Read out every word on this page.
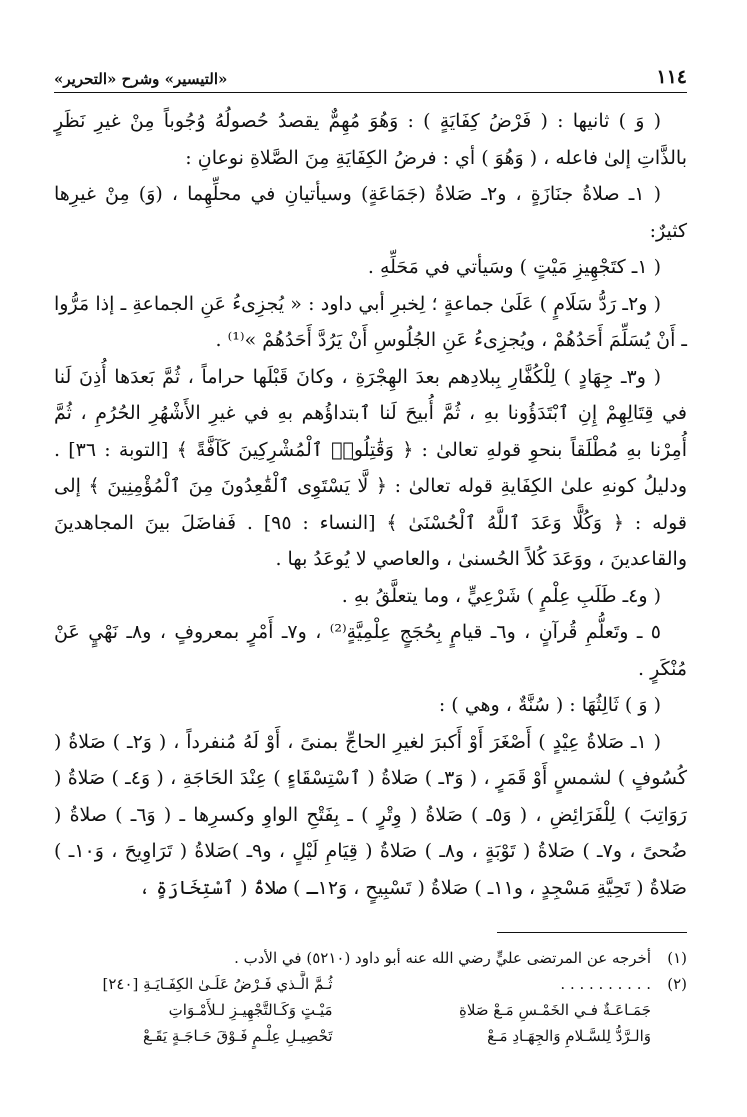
١١٤
«التيسير» وشرح «التحرير»

( وَ ) ثانيها : ( فَرْضُ كِفَايَةٍ ) : وَهُوَ مُهِمٌّ يقصدُ حُصولُهُ وُجُوباً مِنْ غيرِ نَظَرٍ بالذَّاتِ إلىٰ فاعله ، ( وَهُوَ ) أي : فرضُ الكِفَايَةِ مِنَ الصَّلاةِ نوعانِ :

( ١ـ صلاةُ جنَازَةٍ ، و٢ـ صَلاةُ (جَمَاعَةٍ) وسيأتيانِ في محلِّهِما ، (وَ) مِنْ غيرِها كثيرٌ:

( ١ـ كتَجْهِيزِ مَيْتٍ ) وسَيأتي في مَحَلِّهِ .

( و٢ـ رَدُّ سَلَامٍ ) عَلَىٰ جماعةٍ ؛ لِخبرِ أبي داود : « يُجزِىءُ عَنِ الجماعةِ ـ إذا مَرُّوا ـ أَنْ يُسَلِّمَ أَحَدُهُمْ ، ويُجزِىءُ عَنِ الجُلُوسِ أَنْ يَرُدَّ أَحَدُهُمْ »⁽¹⁾ .

( و٣ـ جِهَادٍ ) لِلْكُفَّارِ بِبلادِهم بعدَ الهِجْرَةِ ، وكانَ قَبْلَها حراماً ، ثُمَّ بَعدَها أُذِنَ لَنا في قِتَالِهِمْ إِنِ ٱبْتَدَؤُونا بهِ ، ثُمَّ أُبيحَ لَنا ٱبتداؤُهم بهِ في غيرِ الأَشْهُرِ الحُرُمِ ، ثُمَّ أُمِرْنا بهِ مُطْلَقاً بنحوِ قولهِ تعالىٰ : ﴿ وَقَٰتِلُوا۟ ٱلْمُشْرِكِينَ كَآفَّةً ﴾ [التوبة : ٣٦] . ودليلُ كونهِ علىٰ الكِفَايةِ قوله تعالىٰ : ﴿ لَّا يَسْتَوِى ٱلْقَٰعِدُونَ مِنَ ٱلْمُؤْمِنِينَ ﴾ إلى قوله : ﴿ وَكُلًّا وَعَدَ ٱللَّهُ ٱلْحُسْنَىٰ ﴾ [النساء : ٩٥] . فَفاضَلَ بينَ المجاهدينَ والقاعدينَ ، ووَعَدَ كُلاً الحُسنىٰ ، والعاصي لا يُوعَدُ بها .

( و٤ـ طَلَبِ عِلْمٍ ) شَرْعِيٍّ ، وما يتعلَّقُ بهِ .

٥ ـ وتَعلُّمِ قُرآنٍ ، و٦ـ قيامٍ بِحُجَجٍ عِلْمِيَّةٍ⁽²⁾ ، و٧ـ أَمْرٍ بمعروفٍ ، و٨ـ نَهْيٍ عَنْ مُنْكَرٍ .

( وَ ) ثَالِثُهَا : ( سُنَّةٌ ، وهي ) :

( ١ـ صَلاةُ عِيْدٍ ) أَصْغَرَ أَوْ أَكبرَ لغيرِ الحاجِّ بمنىً ، أَوْ لَهُ مُنفرداً ، ( وَ٢ـ ) صَلاةُ ( كُسُوفٍ ) لشمسٍ أَوْ قَمَرٍ ، ( وَ٣ـ ) صَلاةُ ( ٱسْتِسْقَاءٍ ) عِنْدَ الحَاجَةِ ، ( وَ٤ـ ) صَلاةُ ( رَوَاتِبَ ) لِلْفَرَائِضِ ، ( وَ٥ـ ) صَلاةُ ( وِتْرٍ ) ـ بِفَتْحِ الواوِ وكسرِها ـ ( وَ٦ـ ) صلاةُ ( ضُحىً ، و٧ـ ) صَلاةُ ( تَوْبَةٍ ، و٨ـ ) صَلاةُ ( قِيَامِ لَيْلٍ ، و٩ـ )صَلاةُ ( تَرَاوِيحَ ، وَ١٠ـ ) صَلاةُ ( تَحِيَّةِ مَسْجِدٍ ، و١١ـ ) صَلاةُ ( تَسْبِيحٍ ، وَ١٢ـ ) صلاةُ ( ٱسْتِخَارَةٍ ،

(١)
أخرجه عن المرتضى عليٍّ رضي الله عنه أبو داود (٥٢١٠) في الأدب .
(٢)
. . . . . . . . . .
ثُـمَّ الَّـذي فَـرْضُ عَلَـىٰ الكِفَـايَـةِ [٢٤٠]
جَمَـاعَـةٌ فـي الخَمْـسِ مَـعْ صَلاةِ
مَيْـتٍ وَكَـالتَّجْهِيـزِ لـلأَمْـوَاتِ
وَالـرَّدُّ لِلسَّـلامِ وَالجِهَـادِ مَـعْ
تَحْصِيـلِ عِلْـمٍ فَـوْقَ حَـاجَـةٍ يَقَـعْ
